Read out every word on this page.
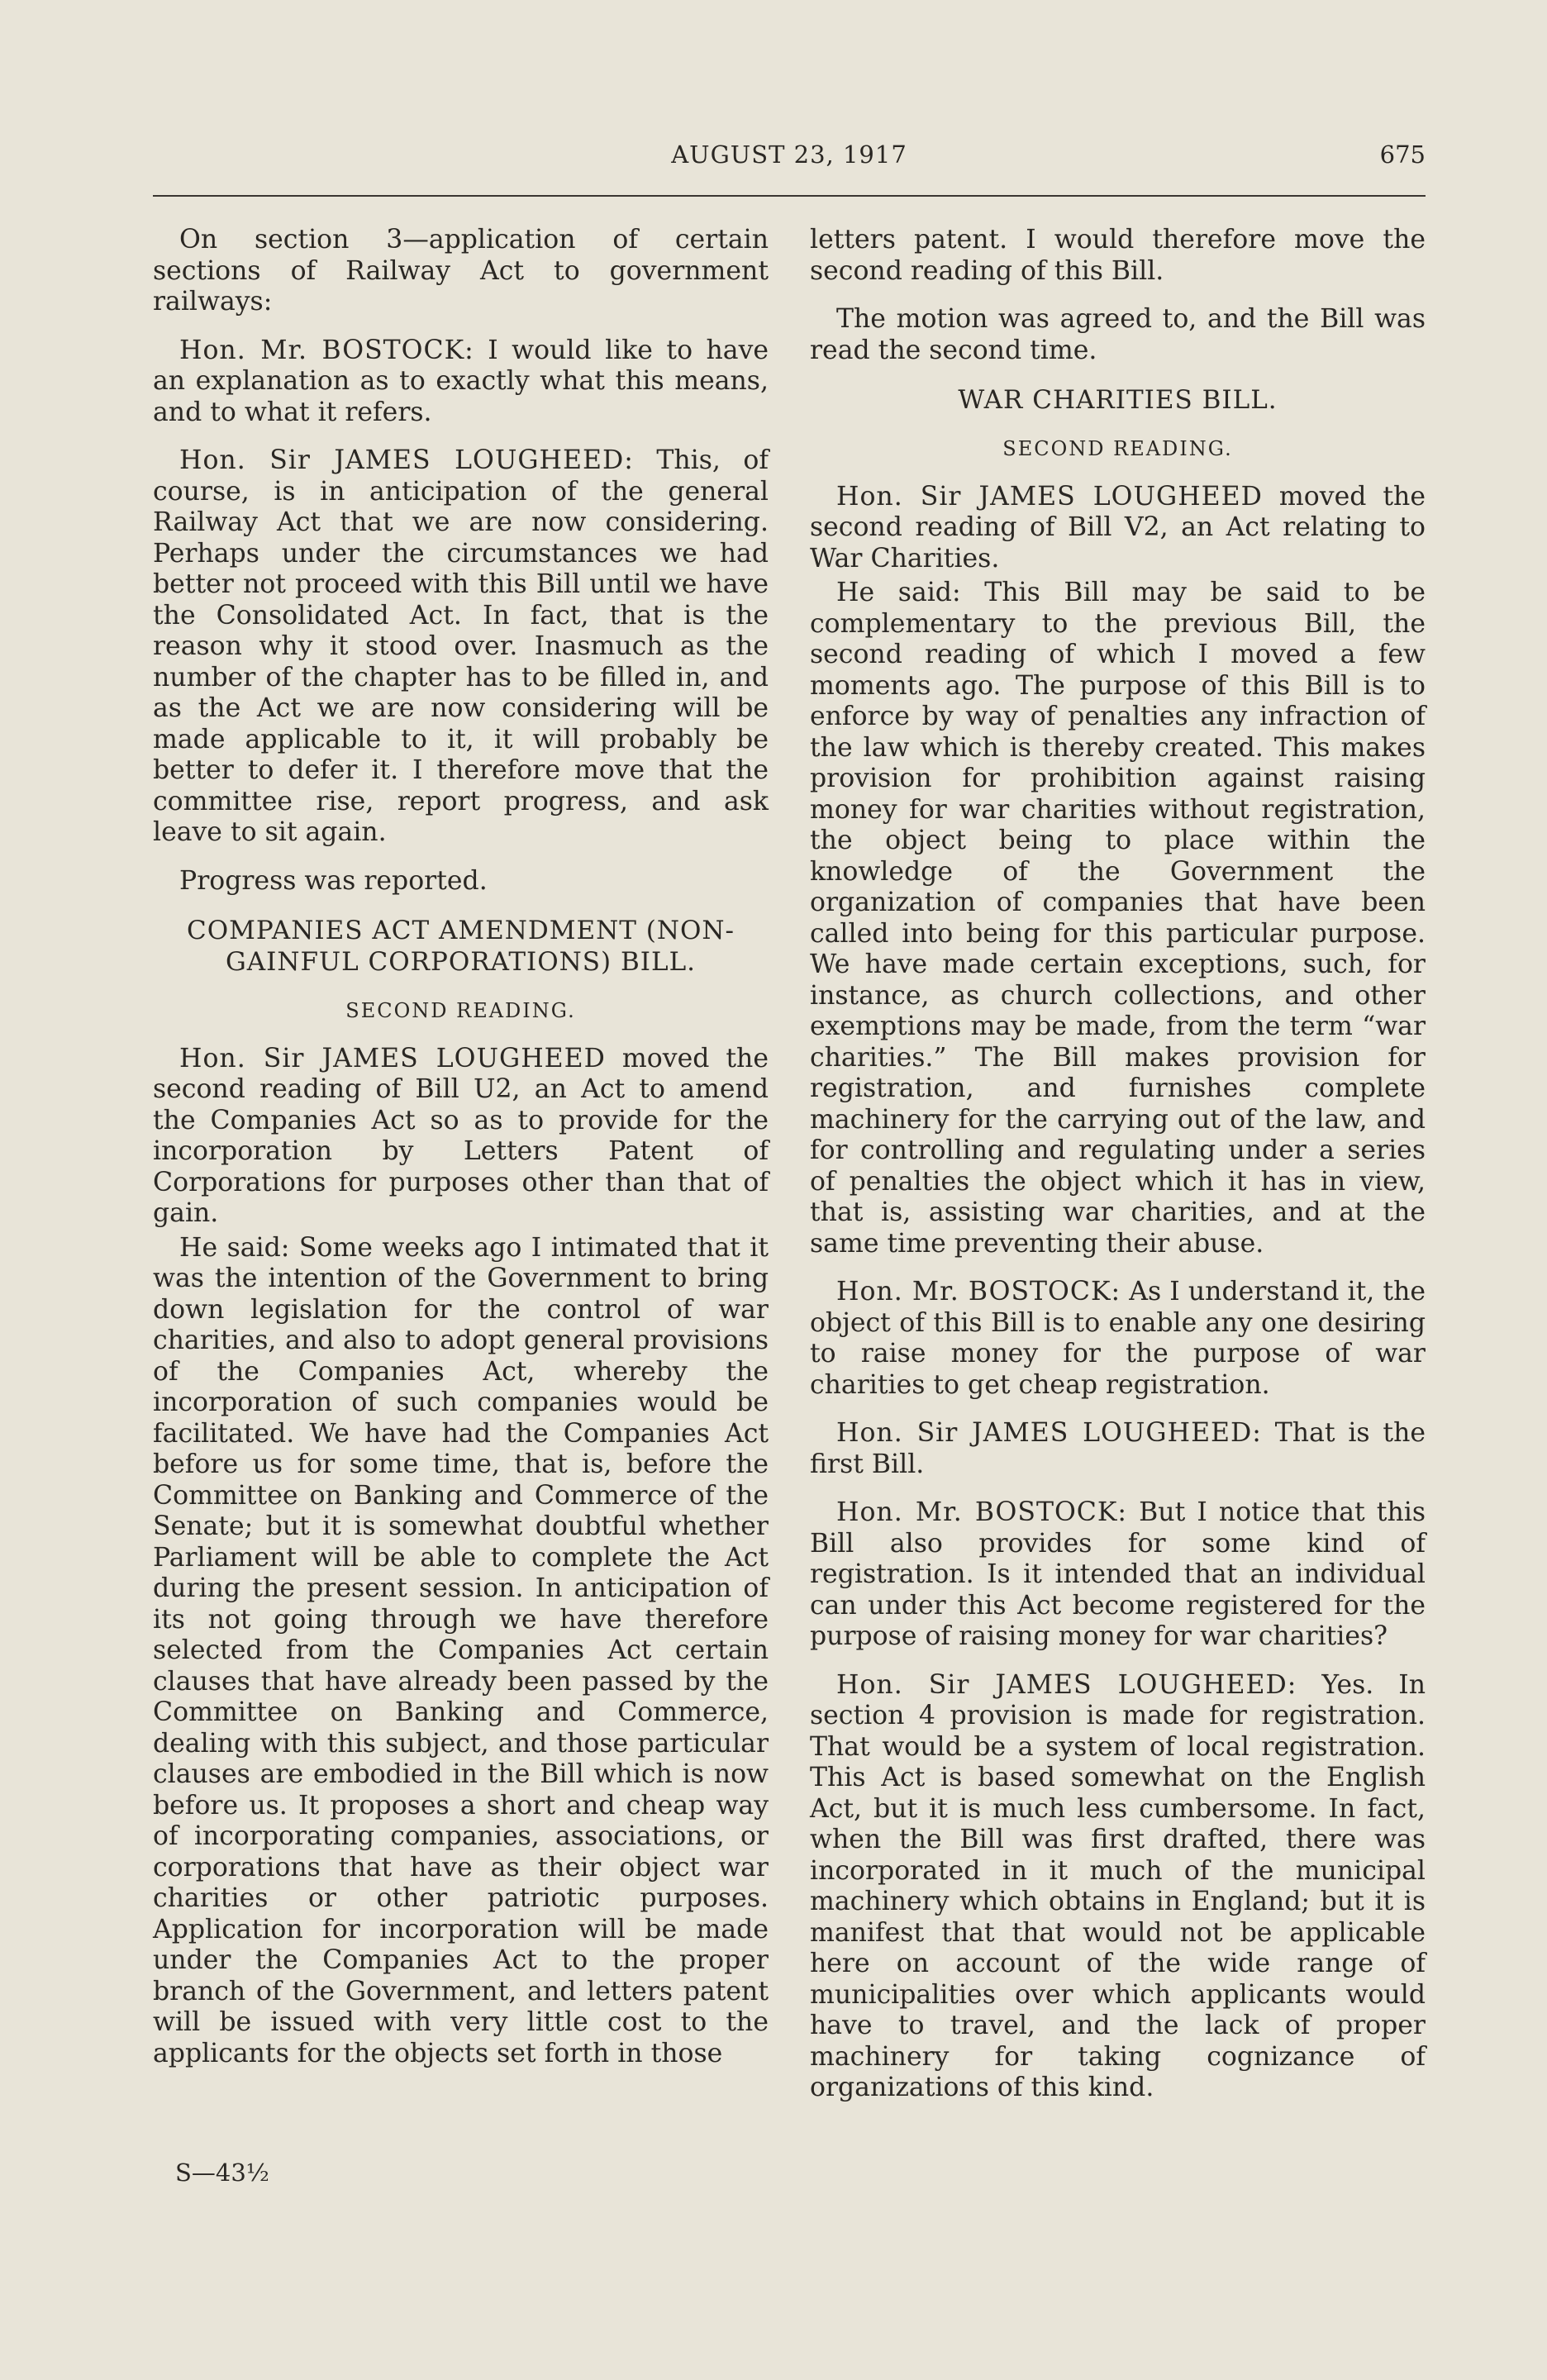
AUGUST 23, 1917	675

On section 3—application of certain sections of Railway Act to government railways:

Hon. Mr. BOSTOCK: I would like to have an explanation as to exactly what this means, and to what it refers.

Hon. Sir JAMES LOUGHEED: This, of course, is in anticipation of the general Railway Act that we are now considering. Perhaps under the circumstances we had better not proceed with this Bill until we have the Consolidated Act. In fact, that is the reason why it stood over. Inasmuch as the number of the chapter has to be filled in, and as the Act we are now considering will be made applicable to it, it will probably be better to defer it. I therefore move that the committee rise, report progress, and ask leave to sit again.

Progress was reported.

COMPANIES ACT AMENDMENT (NON-GAINFUL CORPORATIONS) BILL.
SECOND READING.

Hon. Sir JAMES LOUGHEED moved the second reading of Bill U2, an Act to amend the Companies Act so as to provide for the incorporation by Letters Patent of Corporations for purposes other than that of gain.

He said: Some weeks ago I intimated that it was the intention of the Government to bring down legislation for the control of war charities, and also to adopt general provisions of the Companies Act, whereby the incorporation of such companies would be facilitated. We have had the Companies Act before us for some time, that is, before the Committee on Banking and Commerce of the Senate; but it is somewhat doubtful whether Parliament will be able to complete the Act during the present session. In anticipation of its not going through we have therefore selected from the Companies Act certain clauses that have already been passed by the Committee on Banking and Commerce, dealing with this subject, and those particular clauses are embodied in the Bill which is now before us. It proposes a short and cheap way of incorporating companies, associations, or corporations that have as their object war charities or other patriotic purposes. Application for incorporation will be made under the Companies Act to the proper branch of the Government, and letters patent will be issued with very little cost to the applicants for the objects set forth in those

S—43½

letters patent. I would therefore move the second reading of this Bill.

The motion was agreed to, and the Bill was read the second time.

WAR CHARITIES BILL.
SECOND READING.

Hon. Sir JAMES LOUGHEED moved the second reading of Bill V2, an Act relating to War Charities.

He said: This Bill may be said to be complementary to the previous Bill, the second reading of which I moved a few moments ago. The purpose of this Bill is to enforce by way of penalties any infraction of the law which is thereby created. This makes provision for prohibition against raising money for war charities without registration, the object being to place within the knowledge of the Government the organization of companies that have been called into being for this particular purpose. We have made certain exceptions, such, for instance, as church collections, and other exemptions may be made, from the term “war charities.” The Bill makes provision for registration, and furnishes complete machinery for the carrying out of the law, and for controlling and regulating under a series of penalties the object which it has in view, that is, assisting war charities, and at the same time preventing their abuse.

Hon. Mr. BOSTOCK: As I understand it, the object of this Bill is to enable any one desiring to raise money for the purpose of war charities to get cheap registration.

Hon. Sir JAMES LOUGHEED: That is the first Bill.

Hon. Mr. BOSTOCK: But I notice that this Bill also provides for some kind of registration. Is it intended that an individual can under this Act become registered for the purpose of raising money for war charities?

Hon. Sir JAMES LOUGHEED: Yes. In section 4 provision is made for registration. That would be a system of local registration. This Act is based somewhat on the English Act, but it is much less cumbersome. In fact, when the Bill was first drafted, there was incorporated in it much of the municipal machinery which obtains in England; but it is manifest that that would not be applicable here on account of the wide range of municipalities over which applicants would have to travel, and the lack of proper machinery for taking cognizance of organizations of this kind.
